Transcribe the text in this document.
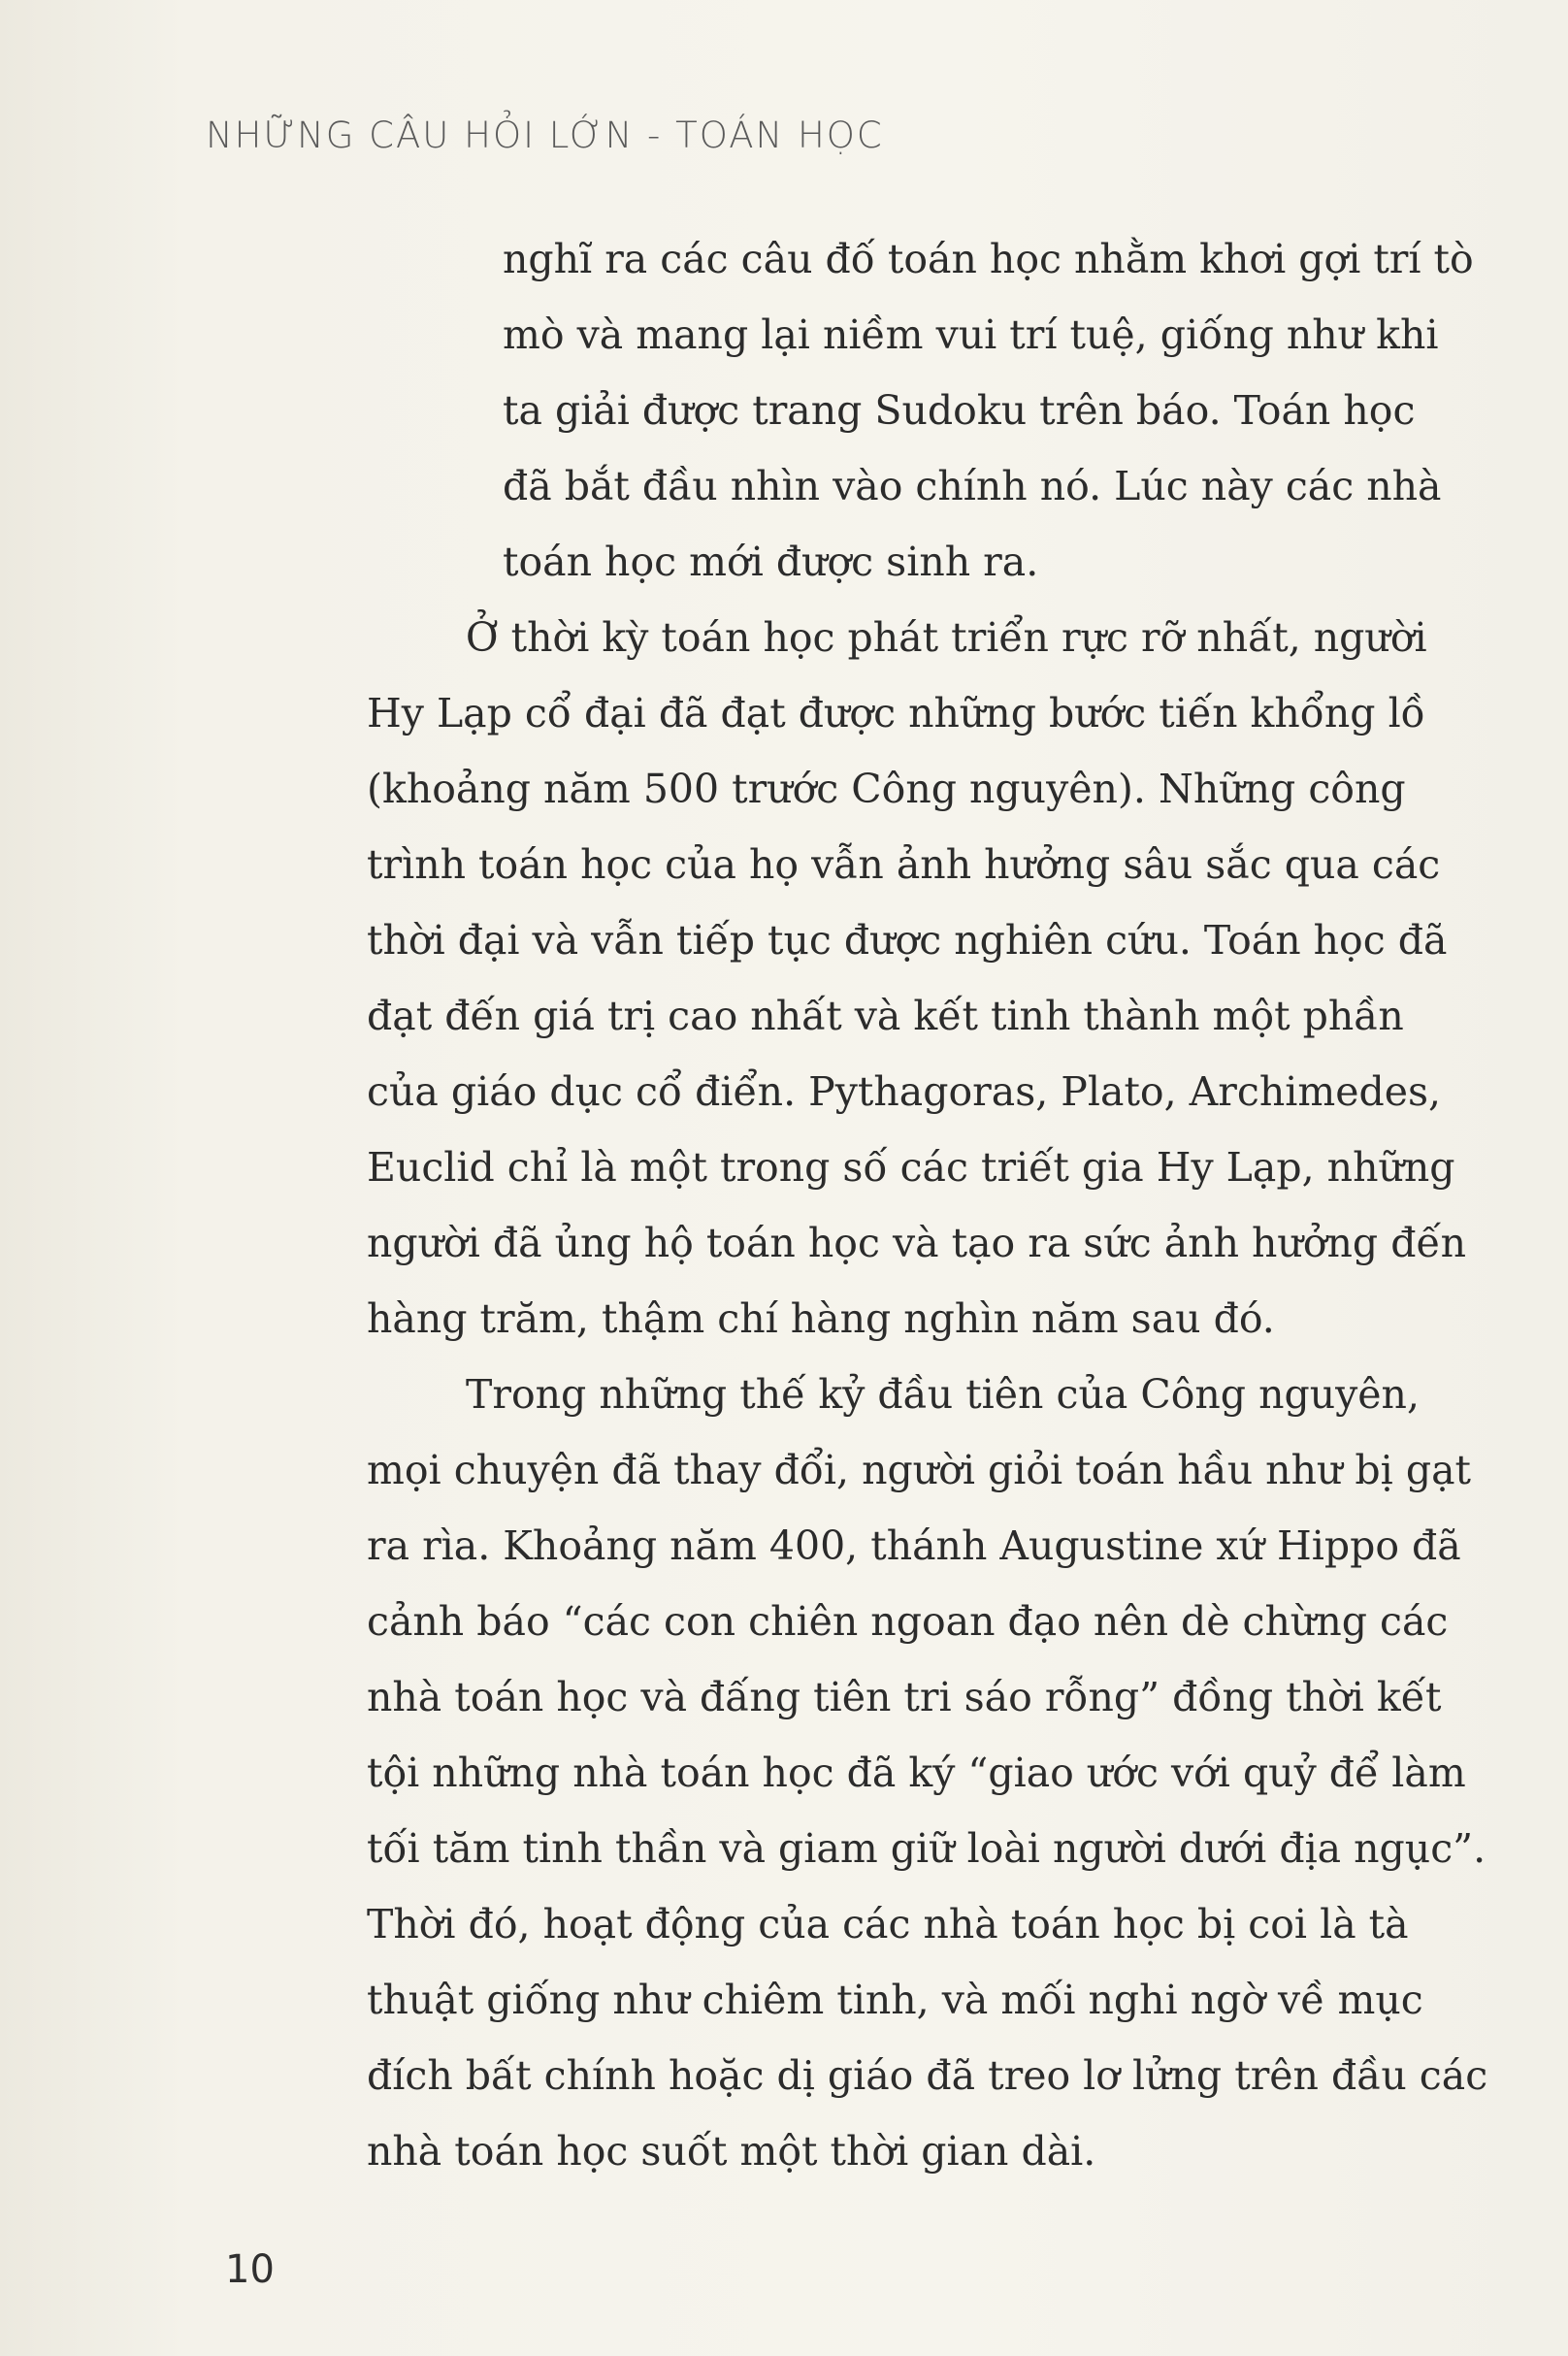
NHỮNG CÂU HỎI LỚN - TOÁN HỌC
nghĩ ra các câu đố toán học nhằm khơi gợi trí tò
mò và mang lại niềm vui trí tuệ, giống như khi
ta giải được trang Sudoku trên báo. Toán học
đã bắt đầu nhìn vào chính nó. Lúc này các nhà
toán học mới được sinh ra.
Ở thời kỳ toán học phát triển rực rỡ nhất, người
Hy Lạp cổ đại đã đạt được những bước tiến khổng lồ
(khoảng năm 500 trước Công nguyên). Những công
trình toán học của họ vẫn ảnh hưởng sâu sắc qua các
thời đại và vẫn tiếp tục được nghiên cứu. Toán học đã
đạt đến giá trị cao nhất và kết tinh thành một phần
của giáo dục cổ điển. Pythagoras, Plato, Archimedes,
Euclid chỉ là một trong số các triết gia Hy Lạp, những
người đã ủng hộ toán học và tạo ra sức ảnh hưởng đến
hàng trăm, thậm chí hàng nghìn năm sau đó.
Trong những thế kỷ đầu tiên của Công nguyên,
mọi chuyện đã thay đổi, người giỏi toán hầu như bị gạt
ra rìa. Khoảng năm 400, thánh Augustine xứ Hippo đã
cảnh báo “các con chiên ngoan đạo nên dè chừng các
nhà toán học và đấng tiên tri sáo rỗng” đồng thời kết
tội những nhà toán học đã ký “giao ước với quỷ để làm
tối tăm tinh thần và giam giữ loài người dưới địa ngục”.
Thời đó, hoạt động của các nhà toán học bị coi là tà
thuật giống như chiêm tinh, và mối nghi ngờ về mục
đích bất chính hoặc dị giáo đã treo lơ lửng trên đầu các
nhà toán học suốt một thời gian dài.
10
